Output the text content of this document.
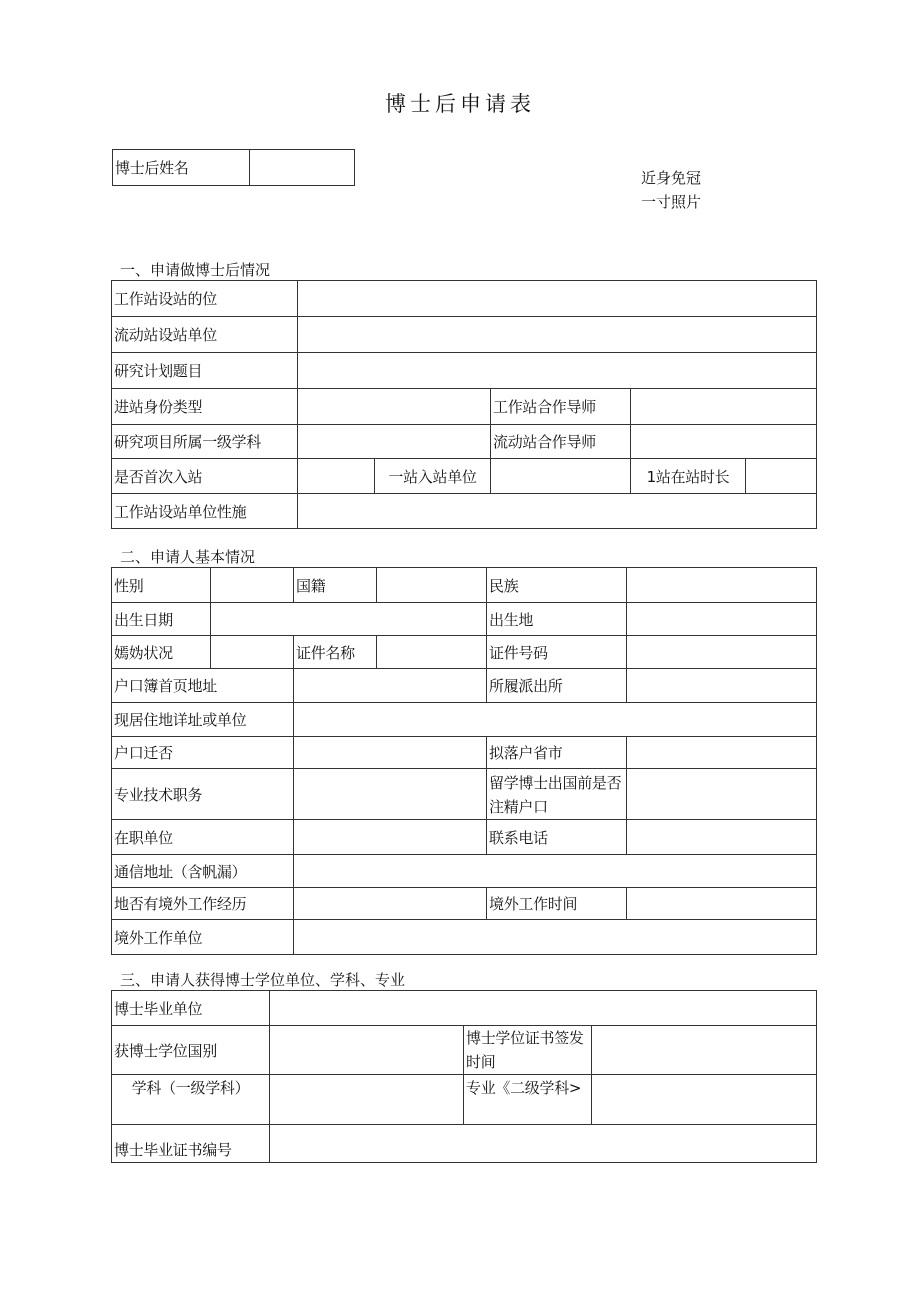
博士后申请表
博士后姓名	
近身免冠
一寸照片
一、申请做博士后情况
工作站设站的位					
流动站设站单位					
研究计划题目					
进站身份类型			工作站合作导师		
研究项目所属一级学科			流动站合作导师		
是否首次入站		一站入站单位		1站在站时长	
工作站设站单位性施					
二、申请人基本情况
性别		国籍		民族	
出生日期				出生地	
嫣妫状况		证件名称		证件号码	
户口簿首页地址				所履派出所	
现居住地详址或单位					
户口迁否				拟落户省市	
专业技术职务				留学博士出国前是否注精户口	
在职单位				联系电话	
通信地址（含帆漏）					
地否有境外工作经历				境外工作时间	
境外工作单位					
三、申请人获得博士学位单位、学科、专业
博士毕业单位			
获博士学位国别		博士学位证书签发时间	
学科（一级学科）		专业《二级学科>	
博士毕业证书编号			
